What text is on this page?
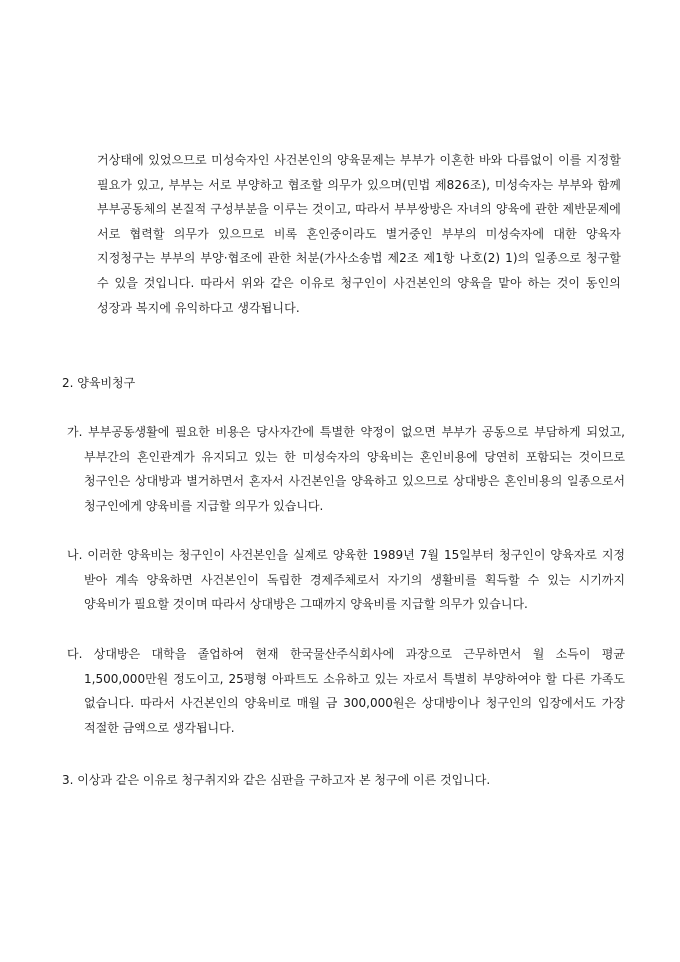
거상태에 있었으므로 미성숙자인 사건본인의 양육문제는 부부가 이혼한 바와 다름없이 이를 지정할 필요가 있고, 부부는 서로 부양하고 협조할 의무가 있으며(민법 제826조), 미성숙자는 부부와 함께 부부공동체의 본질적 구성부분을 이루는 것이고, 따라서 부부쌍방은 자녀의 양육에 관한 제반문제에 서로 협력할 의무가 있으므로 비록 혼인중이라도 별거중인 부부의 미성숙자에 대한 양육자 지정청구는 부부의 부양·협조에 관한 처분(가사소송법 제2조 제1항 나호(2) 1)의 일종으로 청구할 수 있을 것입니다. 따라서 위와 같은 이유로 청구인이 사건본인의 양육을 맡아 하는 것이 동인의 성장과 복지에 유익하다고 생각됩니다.

2. 양육비청구

가. 부부공동생활에 필요한 비용은 당사자간에 특별한 약정이 없으면 부부가 공동으로 부담하게 되었고, 부부간의 혼인관계가 유지되고 있는 한 미성숙자의 양육비는 혼인비용에 당연히 포함되는 것이므로 청구인은 상대방과 별거하면서 혼자서 사건본인을 양육하고 있으므로 상대방은 혼인비용의 일종으로서 청구인에게 양육비를 지급할 의무가 있습니다.

나. 이러한 양육비는 청구인이 사건본인을 실제로 양육한 1989년 7월 15일부터 청구인이 양육자로 지정 받아 계속 양육하면 사건본인이 독립한 경제주체로서 자기의 생활비를 획득할 수 있는 시기까지 양육비가 필요할 것이며 따라서 상대방은 그때까지 양육비를 지급할 의무가 있습니다.

다. 상대방은 대학을 졸업하여 현재 한국물산주식회사에 과장으로 근무하면서 월 소득이 평균 1,500,000만원 정도이고, 25평형 아파트도 소유하고 있는 자로서 특별히 부양하여야 할 다른 가족도 없습니다. 따라서 사건본인의 양육비로 매월 금 300,000원은 상대방이나 청구인의 입장에서도 가장 적절한 금액으로 생각됩니다.

3. 이상과 같은 이유로 청구취지와 같은 심판을 구하고자 본 청구에 이른 것입니다.
